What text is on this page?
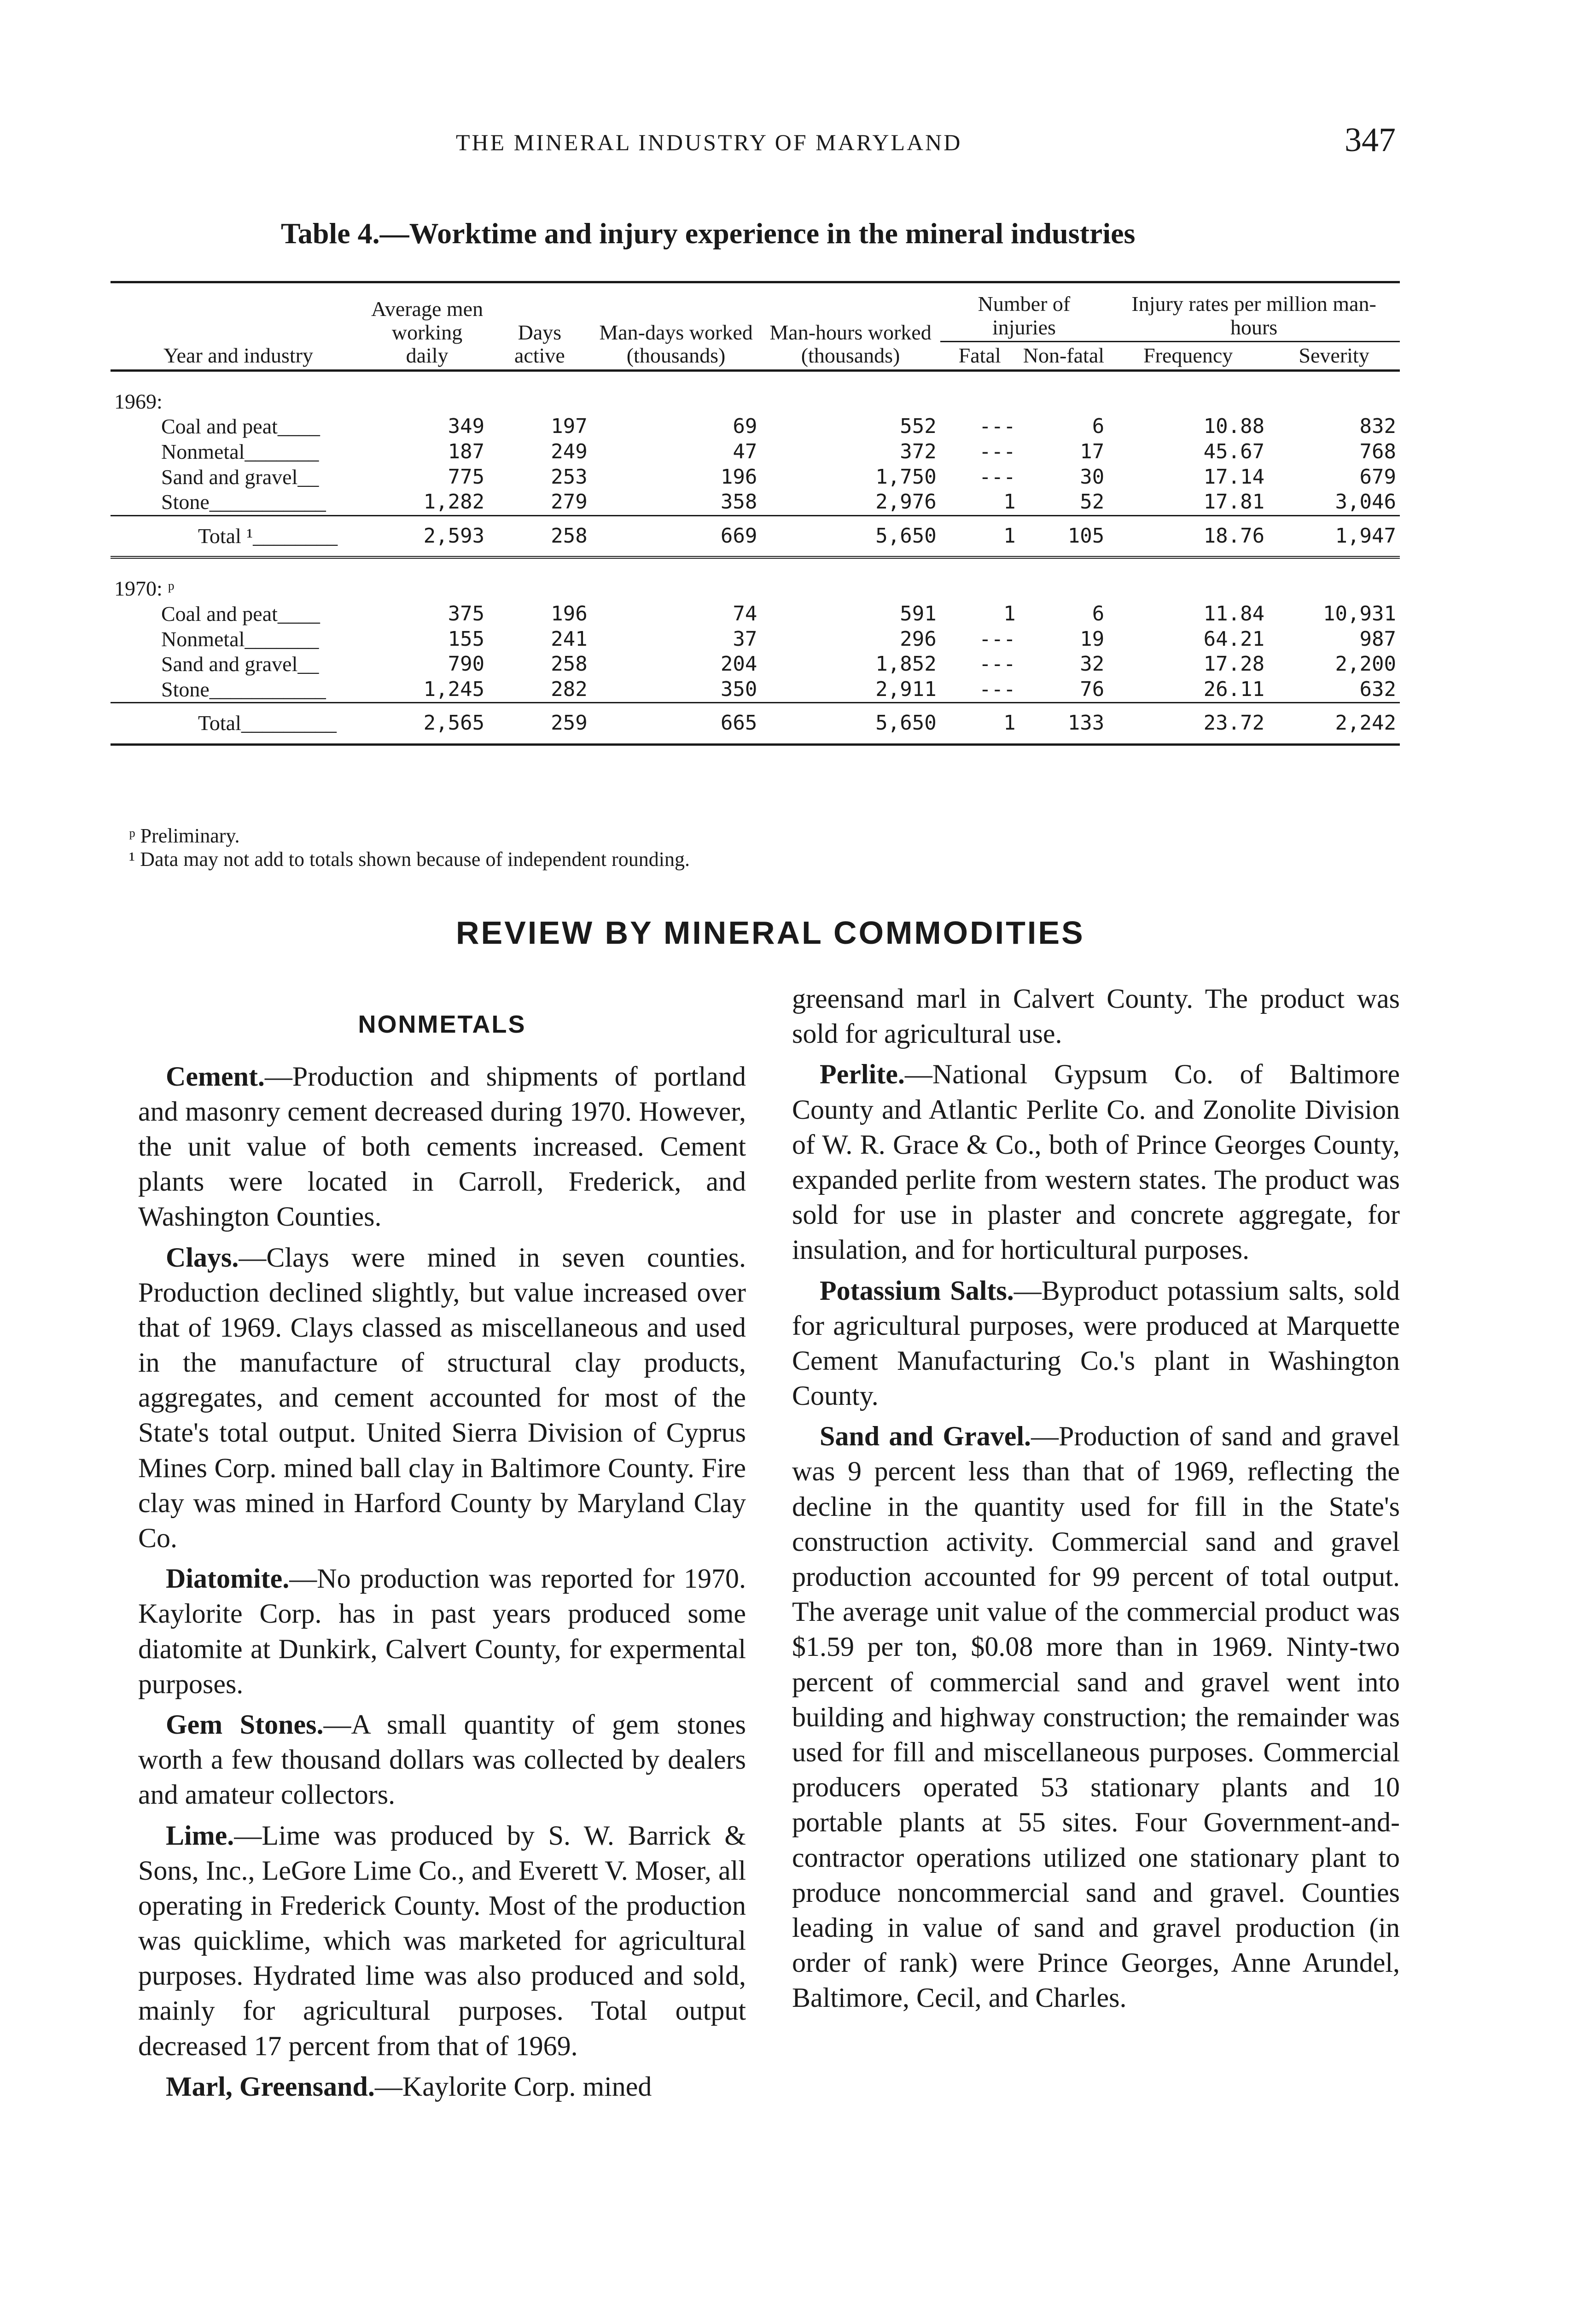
THE MINERAL INDUSTRY OF MARYLAND	347
Table 4.—Worktime and injury experience in the mineral industries
Year and industry	Average men working daily	Days active	Man-days worked (thousands)	Man-hours worked (thousands)	Number of injuries		Injury rates per million man-hours	
					Fatal	Non-fatal	Frequency	Severity
1969:								
Coal and peat____	349	197	69	552	---	6	10.88	832
Nonmetal_______	187	249	47	372	---	17	45.67	768
Sand and gravel__	775	253	196	1,750	---	30	17.14	679
Stone___________	1,282	279	358	2,976	1	52	17.81	3,046
Total ¹________	2,593	258	669	5,650	1	105	18.76	1,947
1970: ᵖ								
Coal and peat____	375	196	74	591	1	6	11.84	10,931
Nonmetal_______	155	241	37	296	---	19	64.21	987
Sand and gravel__	790	258	204	1,852	---	32	17.28	2,200
Stone___________	1,245	282	350	2,911	---	76	26.11	632
Total_________	2,565	259	665	5,650	1	133	23.72	2,242
ᵖ Preliminary.
¹ Data may not add to totals shown because of independent rounding.
REVIEW BY MINERAL COMMODITIES
NONMETALS

Cement.—Production and shipments of portland and masonry cement decreased during 1970. However, the unit value of both cements increased. Cement plants were located in Carroll, Frederick, and Washington Counties.

Clays.—Clays were mined in seven counties. Production declined slightly, but value increased over that of 1969. Clays classed as miscellaneous and used in the manufacture of structural clay products, aggregates, and cement accounted for most of the State's total output. United Sierra Division of Cyprus Mines Corp. mined ball clay in Baltimore County. Fire clay was mined in Harford County by Maryland Clay Co.

Diatomite.—No production was reported for 1970. Kaylorite Corp. has in past years produced some diatomite at Dunkirk, Calvert County, for expermental purposes.

Gem Stones.—A small quantity of gem stones worth a few thousand dollars was collected by dealers and amateur collectors.

Lime.—Lime was produced by S. W. Barrick & Sons, Inc., LeGore Lime Co., and Everett V. Moser, all operating in Frederick County. Most of the production was quicklime, which was marketed for agricultural purposes. Hydrated lime was also produced and sold, mainly for agricultural purposes. Total output decreased 17 percent from that of 1969.

Marl, Greensand.—Kaylorite Corp. mined

greensand marl in Calvert County. The product was sold for agricultural use.

Perlite.—National Gypsum Co. of Baltimore County and Atlantic Perlite Co. and Zonolite Division of W. R. Grace & Co., both of Prince Georges County, expanded perlite from western states. The product was sold for use in plaster and concrete aggregate, for insulation, and for horticultural purposes.

Potassium Salts.—Byproduct potassium salts, sold for agricultural purposes, were produced at Marquette Cement Manufacturing Co.'s plant in Washington County.

Sand and Gravel.—Production of sand and gravel was 9 percent less than that of 1969, reflecting the decline in the quantity used for fill in the State's construction activity. Commercial sand and gravel production accounted for 99 percent of total output. The average unit value of the commercial product was $1.59 per ton, $0.08 more than in 1969. Ninty-two percent of commercial sand and gravel went into building and highway construction; the remainder was used for fill and miscellaneous purposes. Commercial producers operated 53 stationary plants and 10 portable plants at 55 sites. Four Government-and-contractor operations utilized one stationary plant to produce noncommercial sand and gravel. Counties leading in value of sand and gravel production (in order of rank) were Prince Georges, Anne Arundel, Baltimore, Cecil, and Charles.
